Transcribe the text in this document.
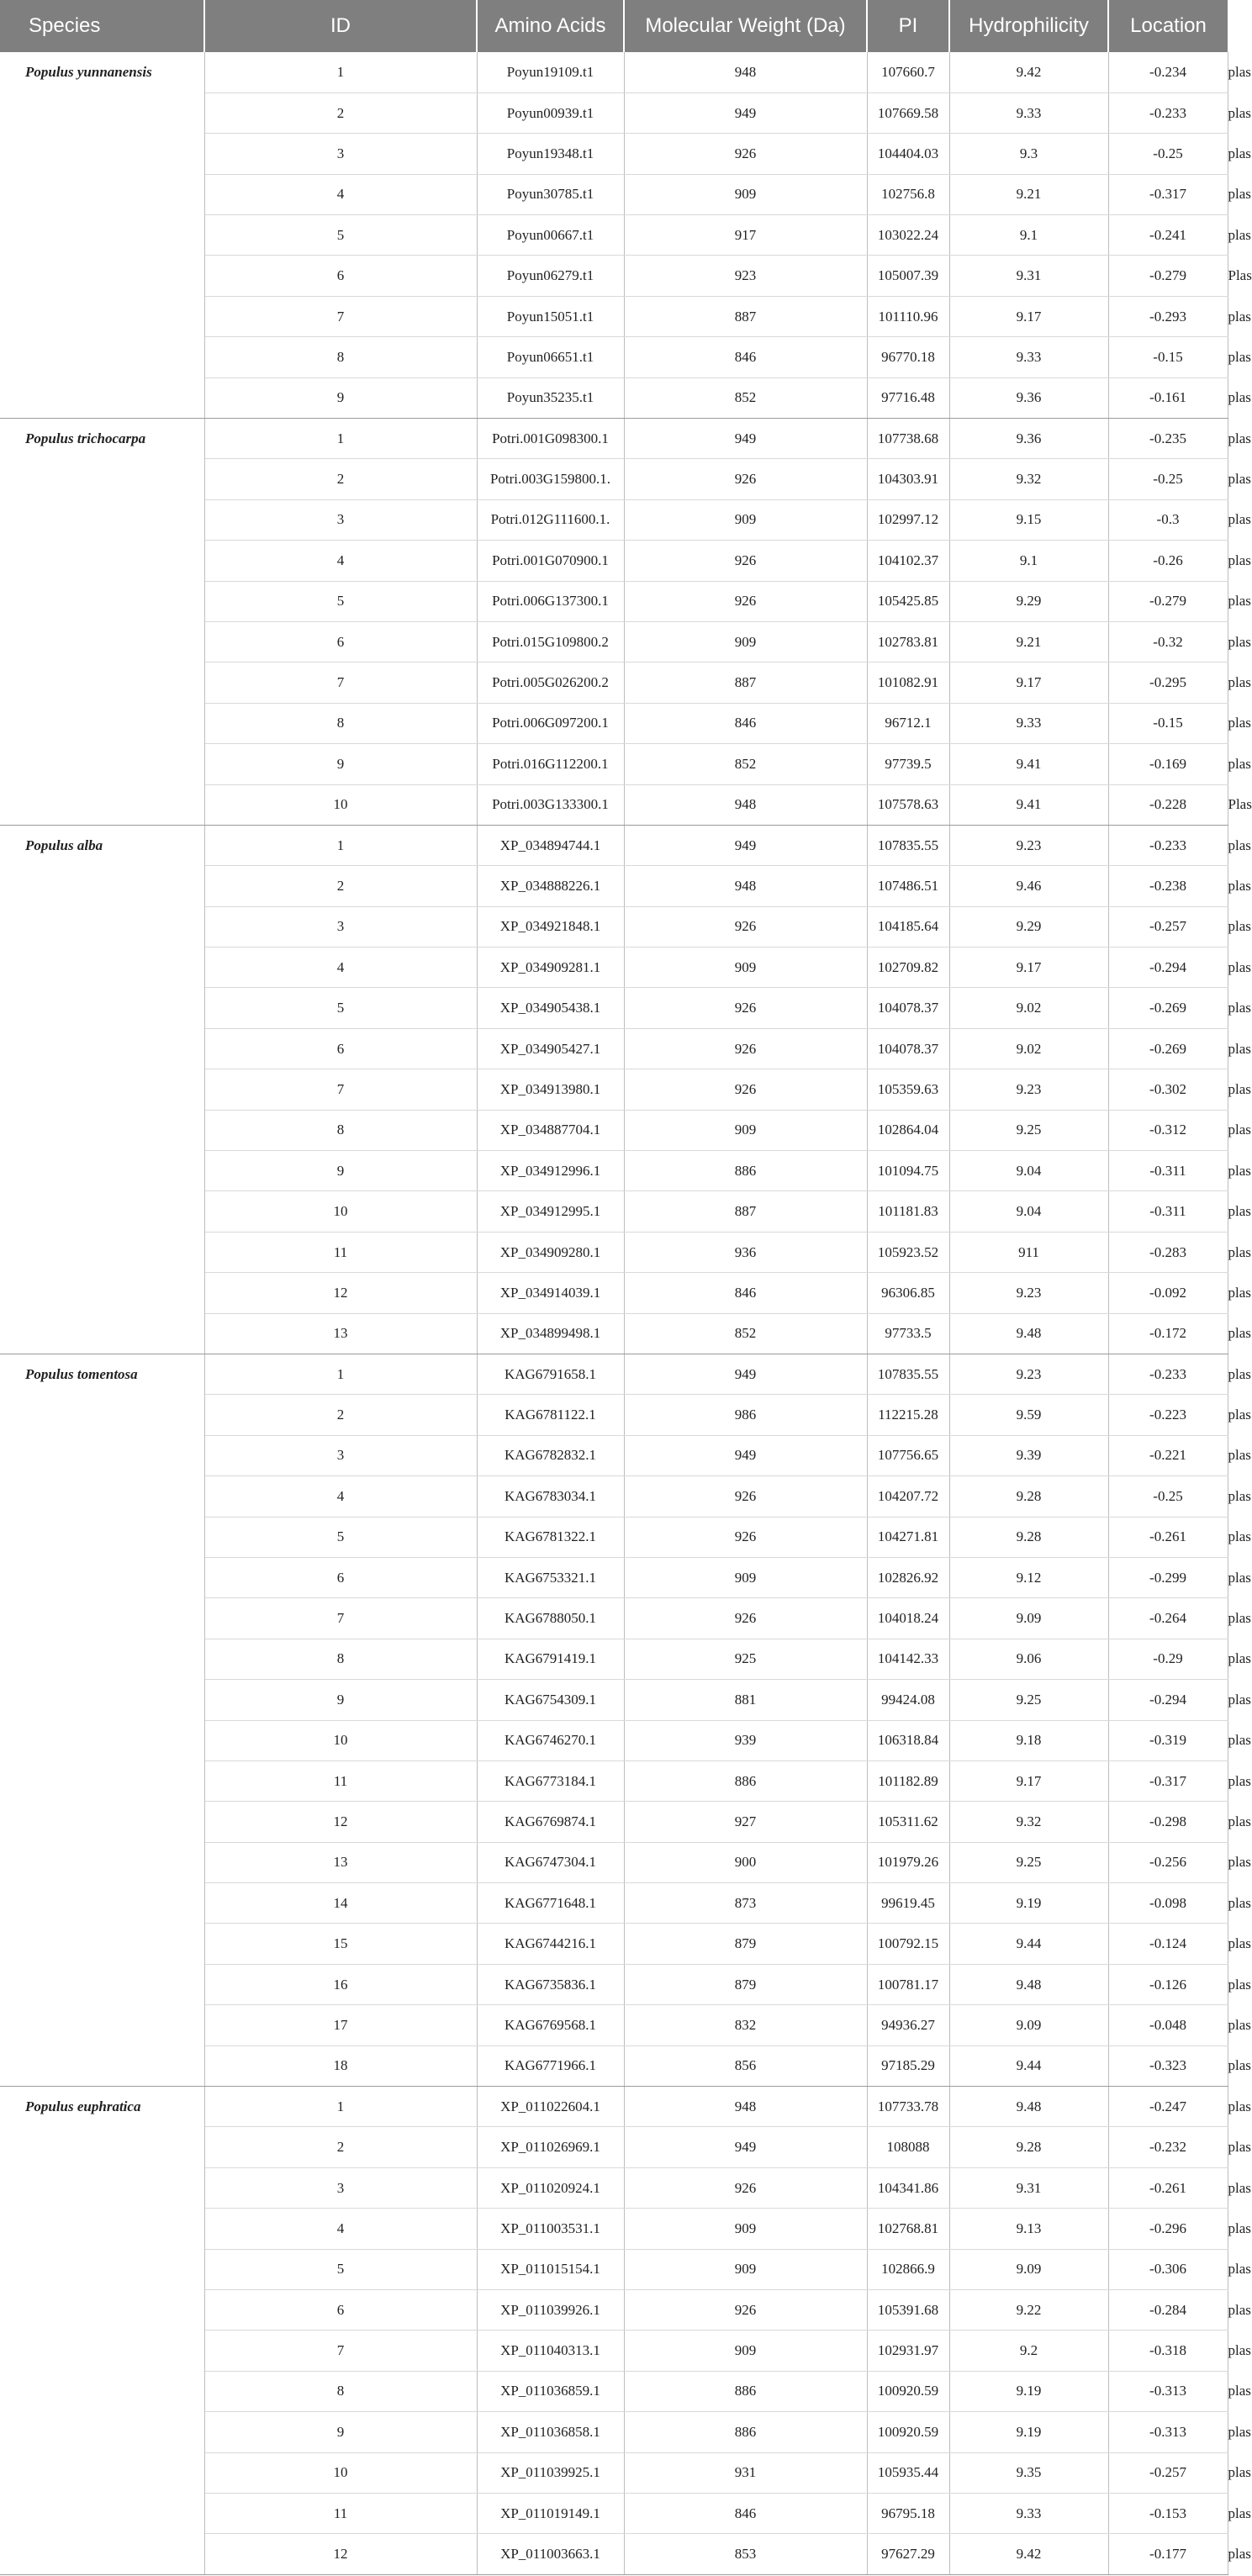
Species	ID	Amino Acids	Molecular Weight (Da)	PI	Hydrophilicity	Location	
Populus yunnanensis	1	Poyun19109.t1	948	107660.7	9.42	-0.234	plas
	2	Poyun00939.t1	949	107669.58	9.33	-0.233	plas
	3	Poyun19348.t1	926	104404.03	9.3	-0.25	plas
	4	Poyun30785.t1	909	102756.8	9.21	-0.317	plas
	5	Poyun00667.t1	917	103022.24	9.1	-0.241	plas
	6	Poyun06279.t1	923	105007.39	9.31	-0.279	Plas
	7	Poyun15051.t1	887	101110.96	9.17	-0.293	plas
	8	Poyun06651.t1	846	96770.18	9.33	-0.15	plas
	9	Poyun35235.t1	852	97716.48	9.36	-0.161	plas
Populus trichocarpa	1	Potri.001G098300.1	949	107738.68	9.36	-0.235	plas
	2	Potri.003G159800.1.	926	104303.91	9.32	-0.25	plas
	3	Potri.012G111600.1.	909	102997.12	9.15	-0.3	plas
	4	Potri.001G070900.1	926	104102.37	9.1	-0.26	plas
	5	Potri.006G137300.1	926	105425.85	9.29	-0.279	plas
	6	Potri.015G109800.2	909	102783.81	9.21	-0.32	plas
	7	Potri.005G026200.2	887	101082.91	9.17	-0.295	plas
	8	Potri.006G097200.1	846	96712.1	9.33	-0.15	plas
	9	Potri.016G112200.1	852	97739.5	9.41	-0.169	plas
	10	Potri.003G133300.1	948	107578.63	9.41	-0.228	Plas
Populus alba	1	XP_034894744.1	949	107835.55	9.23	-0.233	plas
	2	XP_034888226.1	948	107486.51	9.46	-0.238	plas
	3	XP_034921848.1	926	104185.64	9.29	-0.257	plas
	4	XP_034909281.1	909	102709.82	9.17	-0.294	plas
	5	XP_034905438.1	926	104078.37	9.02	-0.269	plas
	6	XP_034905427.1	926	104078.37	9.02	-0.269	plas
	7	XP_034913980.1	926	105359.63	9.23	-0.302	plas
	8	XP_034887704.1	909	102864.04	9.25	-0.312	plas
	9	XP_034912996.1	886	101094.75	9.04	-0.311	plas
	10	XP_034912995.1	887	101181.83	9.04	-0.311	plas
	11	XP_034909280.1	936	105923.52	911	-0.283	plas
	12	XP_034914039.1	846	96306.85	9.23	-0.092	plas
	13	XP_034899498.1	852	97733.5	9.48	-0.172	plas
Populus tomentosa	1	KAG6791658.1	949	107835.55	9.23	-0.233	plas
	2	KAG6781122.1	986	112215.28	9.59	-0.223	plas
	3	KAG6782832.1	949	107756.65	9.39	-0.221	plas
	4	KAG6783034.1	926	104207.72	9.28	-0.25	plas
	5	KAG6781322.1	926	104271.81	9.28	-0.261	plas
	6	KAG6753321.1	909	102826.92	9.12	-0.299	plas
	7	KAG6788050.1	926	104018.24	9.09	-0.264	plas
	8	KAG6791419.1	925	104142.33	9.06	-0.29	plas
	9	KAG6754309.1	881	99424.08	9.25	-0.294	plas
	10	KAG6746270.1	939	106318.84	9.18	-0.319	plas
	11	KAG6773184.1	886	101182.89	9.17	-0.317	plas
	12	KAG6769874.1	927	105311.62	9.32	-0.298	plas
	13	KAG6747304.1	900	101979.26	9.25	-0.256	plas
	14	KAG6771648.1	873	99619.45	9.19	-0.098	plas
	15	KAG6744216.1	879	100792.15	9.44	-0.124	plas
	16	KAG6735836.1	879	100781.17	9.48	-0.126	plas
	17	KAG6769568.1	832	94936.27	9.09	-0.048	plas
	18	KAG6771966.1	856	97185.29	9.44	-0.323	plas
Populus euphratica	1	XP_011022604.1	948	107733.78	9.48	-0.247	plas
	2	XP_011026969.1	949	108088	9.28	-0.232	plas
	3	XP_011020924.1	926	104341.86	9.31	-0.261	plas
	4	XP_011003531.1	909	102768.81	9.13	-0.296	plas
	5	XP_011015154.1	909	102866.9	9.09	-0.306	plas
	6	XP_011039926.1	926	105391.68	9.22	-0.284	plas
	7	XP_011040313.1	909	102931.97	9.2	-0.318	plas
	8	XP_011036859.1	886	100920.59	9.19	-0.313	plas
	9	XP_011036858.1	886	100920.59	9.19	-0.313	plas
	10	XP_011039925.1	931	105935.44	9.35	-0.257	plas
	11	XP_011019149.1	846	96795.18	9.33	-0.153	plas
	12	XP_011003663.1	853	97627.29	9.42	-0.177	plas
